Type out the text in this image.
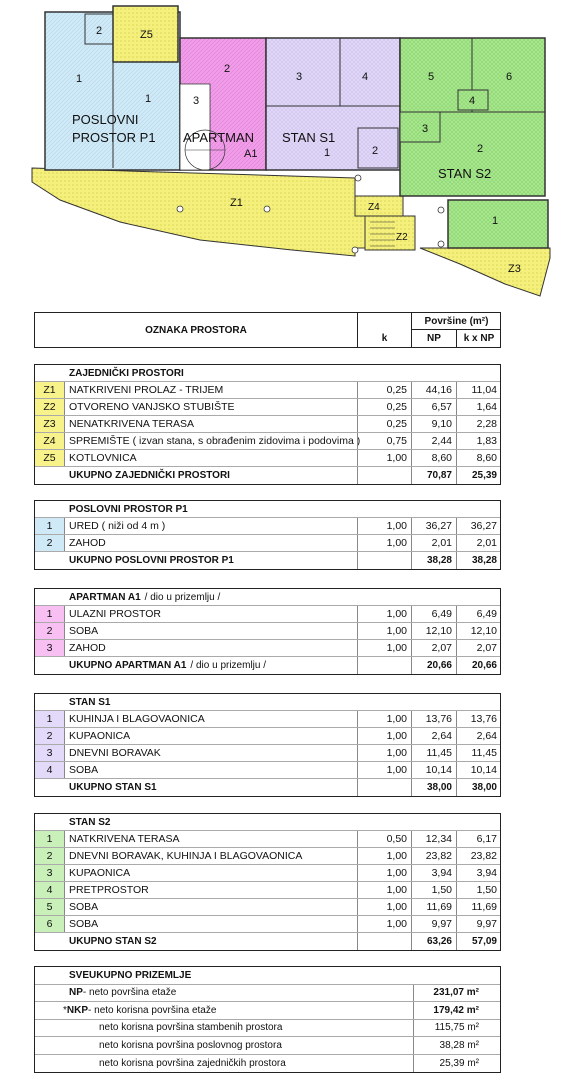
2	Z5
1
1
POSLOVNI
PROSTOR P1
2
3
APARTMAN
A1
3	4
STAN S1
1	2
5	6
4
3
2
STAN S2
1
Z1	Z4
Z2
Z3
OZNAKA PROSTORA
k
Površine (m²)
NP	k x NP
ZAJEDNIČKI PROSTORI
Z1	NATKRIVENI PROLAZ - TRIJEM	0,25	44,16	11,04
Z2	OTVORENO VANJSKO STUBIŠTE	0,25	6,57	1,64
Z3	NENATKRIVENA TERASA	0,25	9,10	2,28
Z4	SPREMIŠTE ( izvan stana, s obrađenim zidovima i podovima )	0,75	2,44	1,83
Z5	KOTLOVNICA	1,00	8,60	8,60
UKUPNO ZAJEDNIČKI PROSTORI	70,87	25,39
POSLOVNI PROSTOR P1
1	URED ( niži od 4 m )	1,00	36,27	36,27
2	ZAHOD	1,00	2,01	2,01
UKUPNO POSLOVNI PROSTOR P1	38,28	38,28
APARTMAN A1 / dio u prizemlju /
1	ULAZNI PROSTOR	1,00	6,49	6,49
2	SOBA	1,00	12,10	12,10
3	ZAHOD	1,00	2,07	2,07
UKUPNO APARTMAN A1 / dio u prizemlju /	20,66	20,66
STAN S1
1	KUHINJA I BLAGOVAONICA	1,00	13,76	13,76
2	KUPAONICA	1,00	2,64	2,64
3	DNEVNI BORAVAK	1,00	11,45	11,45
4	SOBA	1,00	10,14	10,14
UKUPNO STAN S1	38,00	38,00
STAN S2
1	NATKRIVENA TERASA	0,50	12,34	6,17
2	DNEVNI BORAVAK, KUHINJA I BLAGOVAONICA	1,00	23,82	23,82
3	KUPAONICA	1,00	3,94	3,94
4	PRETPROSTOR	1,00	1,50	1,50
5	SOBA	1,00	11,69	11,69
6	SOBA	1,00	9,97	9,97
UKUPNO STAN S2	63,26	57,09
SVEUKUPNO PRIZEMLJE
NP - neto površina etaže	231,07 m²
* NKP - neto korisna površina etaže	179,42 m²
neto korisna površina stambenih prostora	115,75 m²
neto korisna površina poslovnog prostora	38,28 m²
neto korisna površina zajedničkih prostora	25,39 m²
